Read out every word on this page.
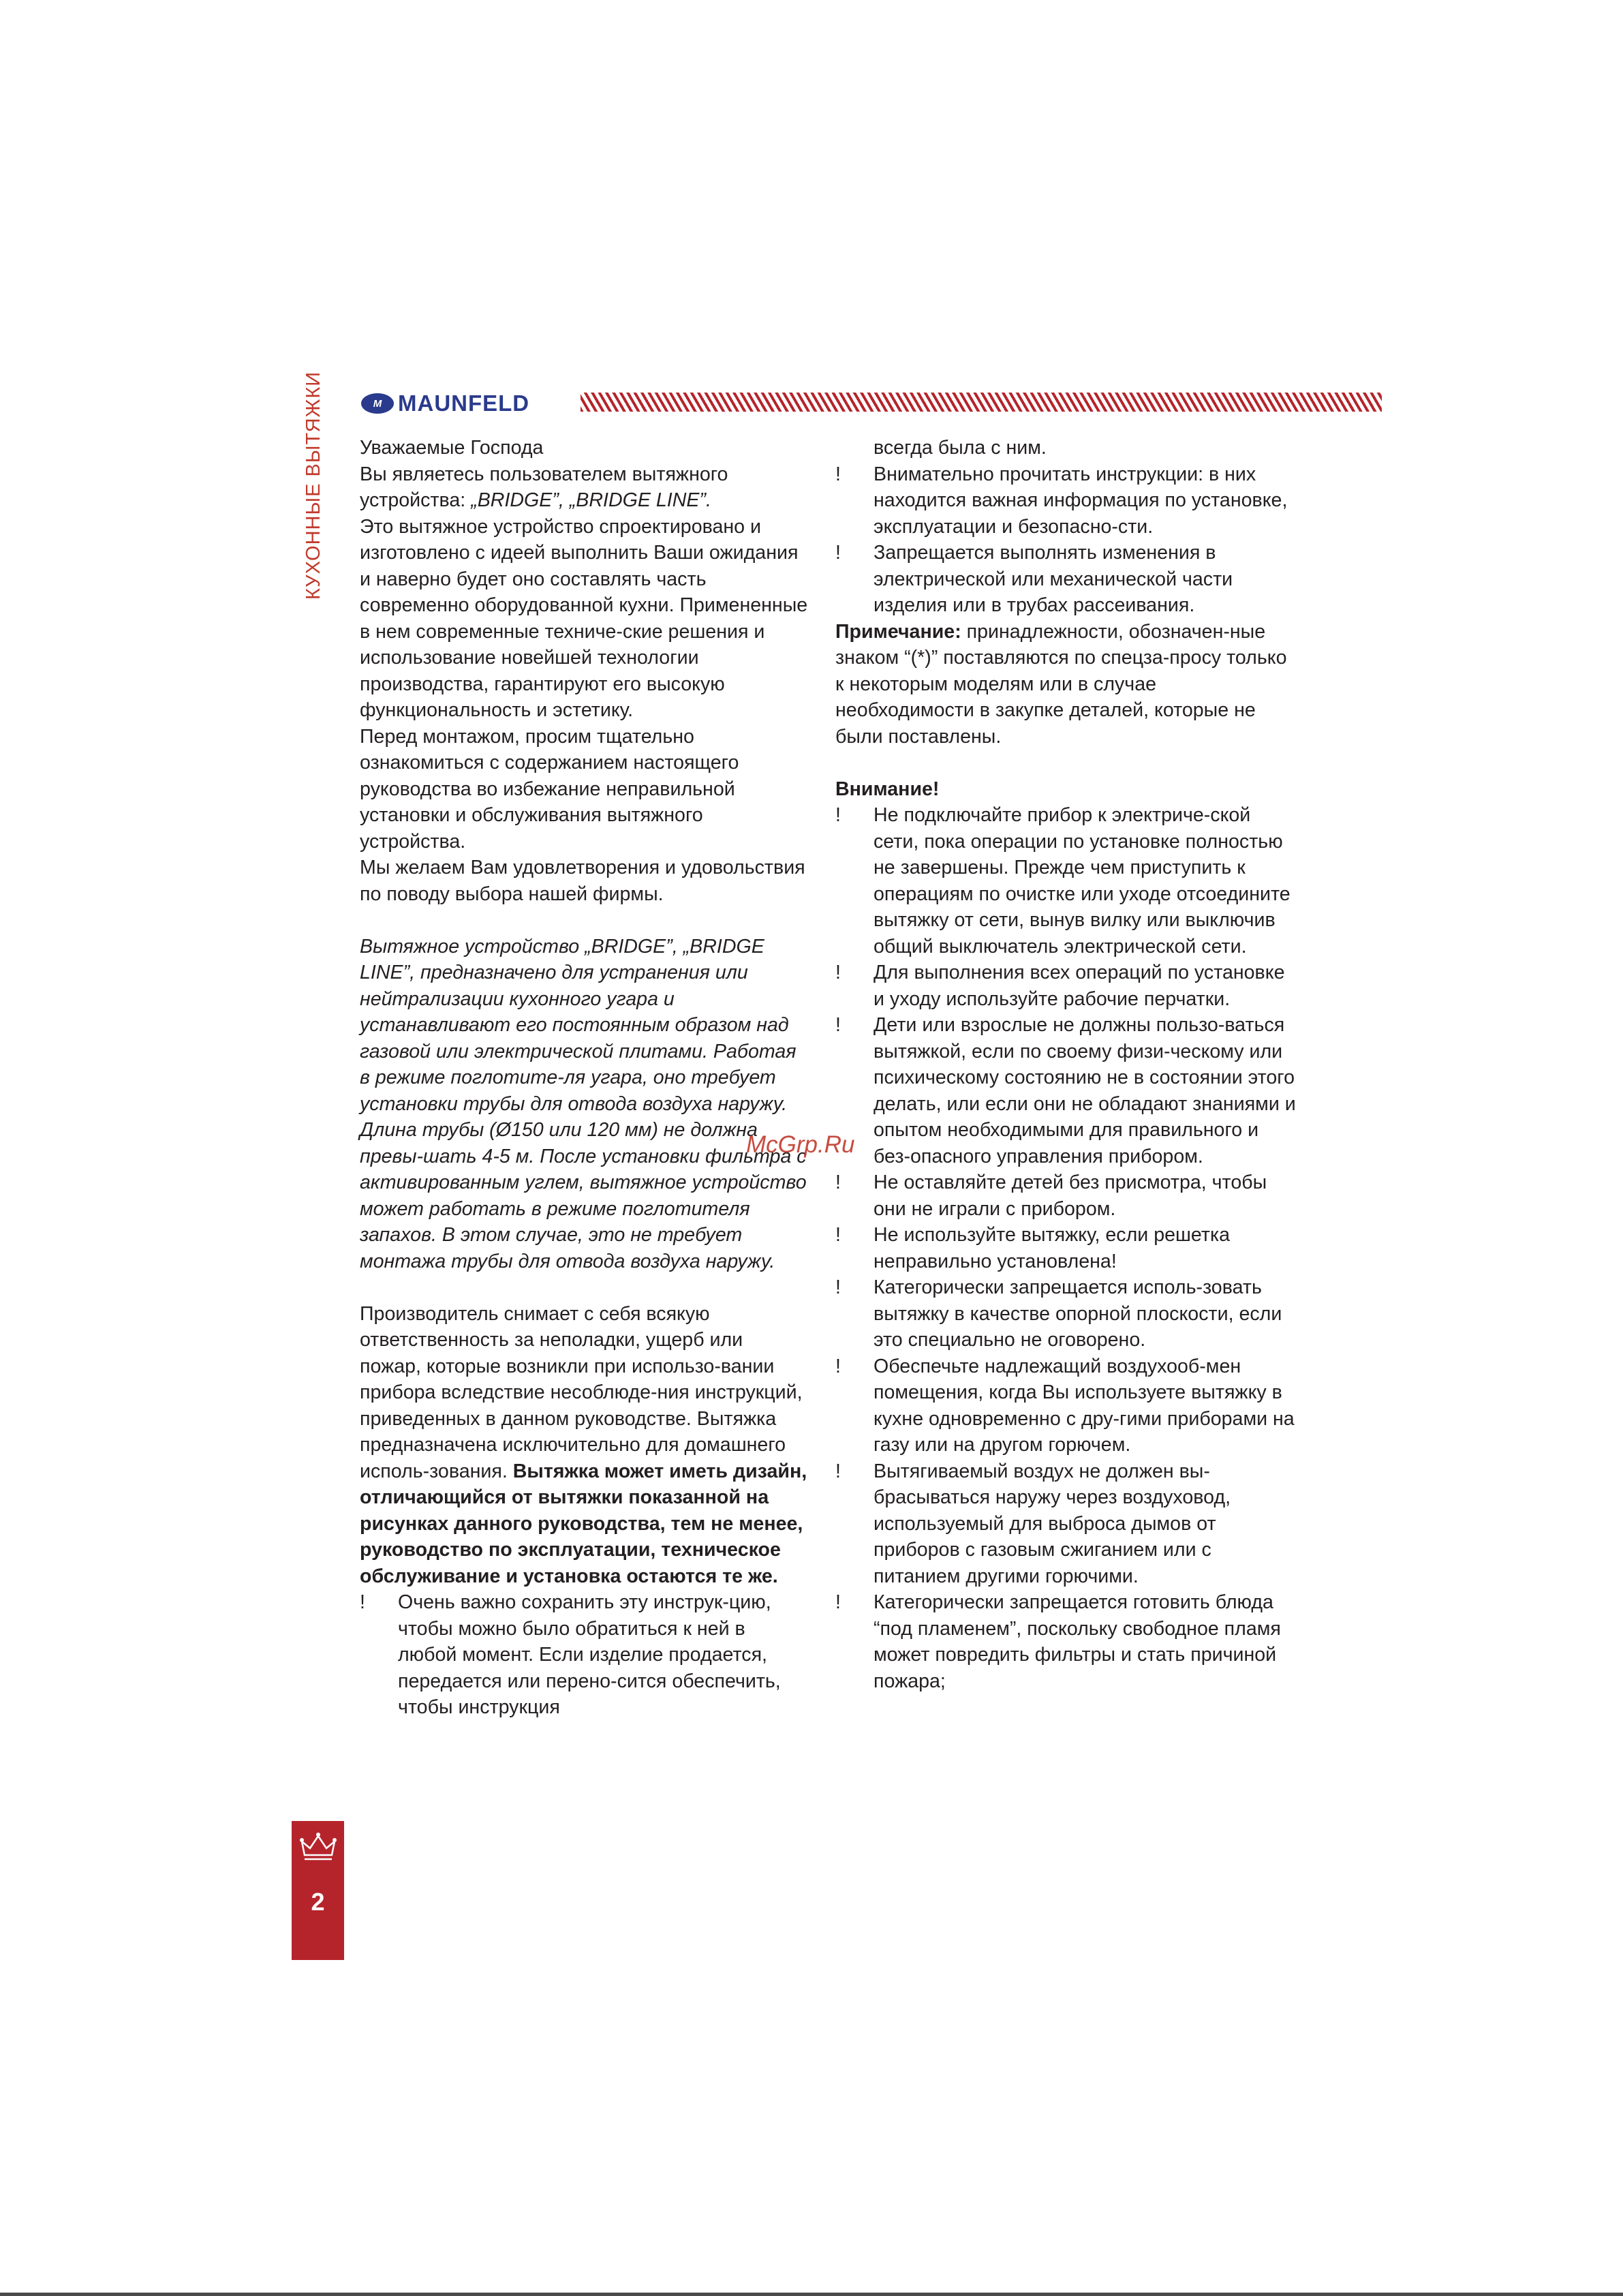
M MAUNFELD
КУХОННЫЕ ВЫТЯЖКИ Уважаемые Господа

Вы являетесь пользователем вытяжного устройства: „BRIDGE”, „BRIDGE LINE”.

Это вытяжное устройство спроектировано и изготовлено с идеей выполнить Ваши ожидания и наверно будет оно составлять часть современно оборудованной кухни. Примененные в нем современные техниче-ские решения и использование новейшей технологии производства, гарантируют его высокую функциональность и эстетику.

Перед монтажом, просим тщательно ознакомиться с содержанием настоящего руководства во избежание неправильной установки и обслуживания вытяжного устройства.

Мы желаем Вам удовлетворения и удовольствия по поводу выбора нашей фирмы.

Вытяжное устройство „BRIDGE”, „BRIDGE LINE”, предназначено для устранения или нейтрализации кухонного угара и устанавливают его постоянным образом над газовой или электрической плитами. Работая в режиме поглотите-ля угара, оно требует установки трубы для отвода воздуха наружу. Длина трубы (Ø150 или 120 мм) не должна превы-шать 4-5 м. После установки фильтра с активированным углем, вытяжное устройство может работать в режиме поглотителя запахов. В этом случае, это не требует монтажа трубы для отвода воздуха наружу.

Производитель снимает с себя всякую ответственность за неполадки, ущерб или пожар, которые возникли при использо-вании прибора вследствие несоблюде-ния инструкций, приведенных в данном руководстве. Вытяжка предназначена исключительно для домашнего исполь-зования. Вытяжка может иметь дизайн, отличающийся от вытяжки показанной на рисунках данного руководства, тем не менее, руководство по эксплуатации, техническое обслуживание и установка остаются те же.

!	Очень важно сохранить эту инструк-цию, чтобы можно было обратиться к ней в любой момент. Если изделие продается, передается или перено-сится обеспечить, чтобы инструкция

всегда была с ним.

!	Внимательно прочитать инструкции: в них находится важная информация по установке, эксплуатации и безопасно-сти.
!	Запрещается выполнять изменения в электрической или механической части изделия или в трубах рассеивания.

Примечание: принадлежности, обозначен-ные знаком “(*)” поставляются по спецза-просу только к некоторым моделям или в случае необходимости в закупке деталей, которые не были поставлены.

Внимание!

!	Не подключайте прибор к электриче-ской сети, пока операции по установке полностью не завершены. Прежде чем приступить к операциям по очистке или уходе отсоедините вытяжку от сети, вынув вилку или выключив общий выключатель электрической сети.
!	Для выполнения всех операций по установке и уходу используйте рабочие перчатки.
!	Дети или взрослые не должны пользо-ваться вытяжкой, если по своему физи-ческому или психическому состоянию не в состоянии этого делать, или если они не обладают знаниями и опытом необходимыми для правильного и без-опасного управления прибором.
!	Не оставляйте детей без присмотра, чтобы они не играли с прибором.
!	Не используйте вытяжку, если решетка неправильно установлена!
!	Категорически запрещается исполь-зовать вытяжку в качестве опорной плоскости, если это специально не оговорено.
!	Обеспечьте надлежащий воздухооб-мен помещения, когда Вы используете вытяжку в кухне одновременно с дру-гими приборами на газу или на другом горючем.
!	Вытягиваемый воздух не должен вы-брасываться наружу через воздуховод, используемый для выброса дымов от приборов с газовым сжиганием или с питанием другими горючими.
!	Категорически запрещается готовить блюда “под пламенем”, поскольку свободное пламя может повредить фильтры и стать причиной пожара;
McGrp.Ru
2
